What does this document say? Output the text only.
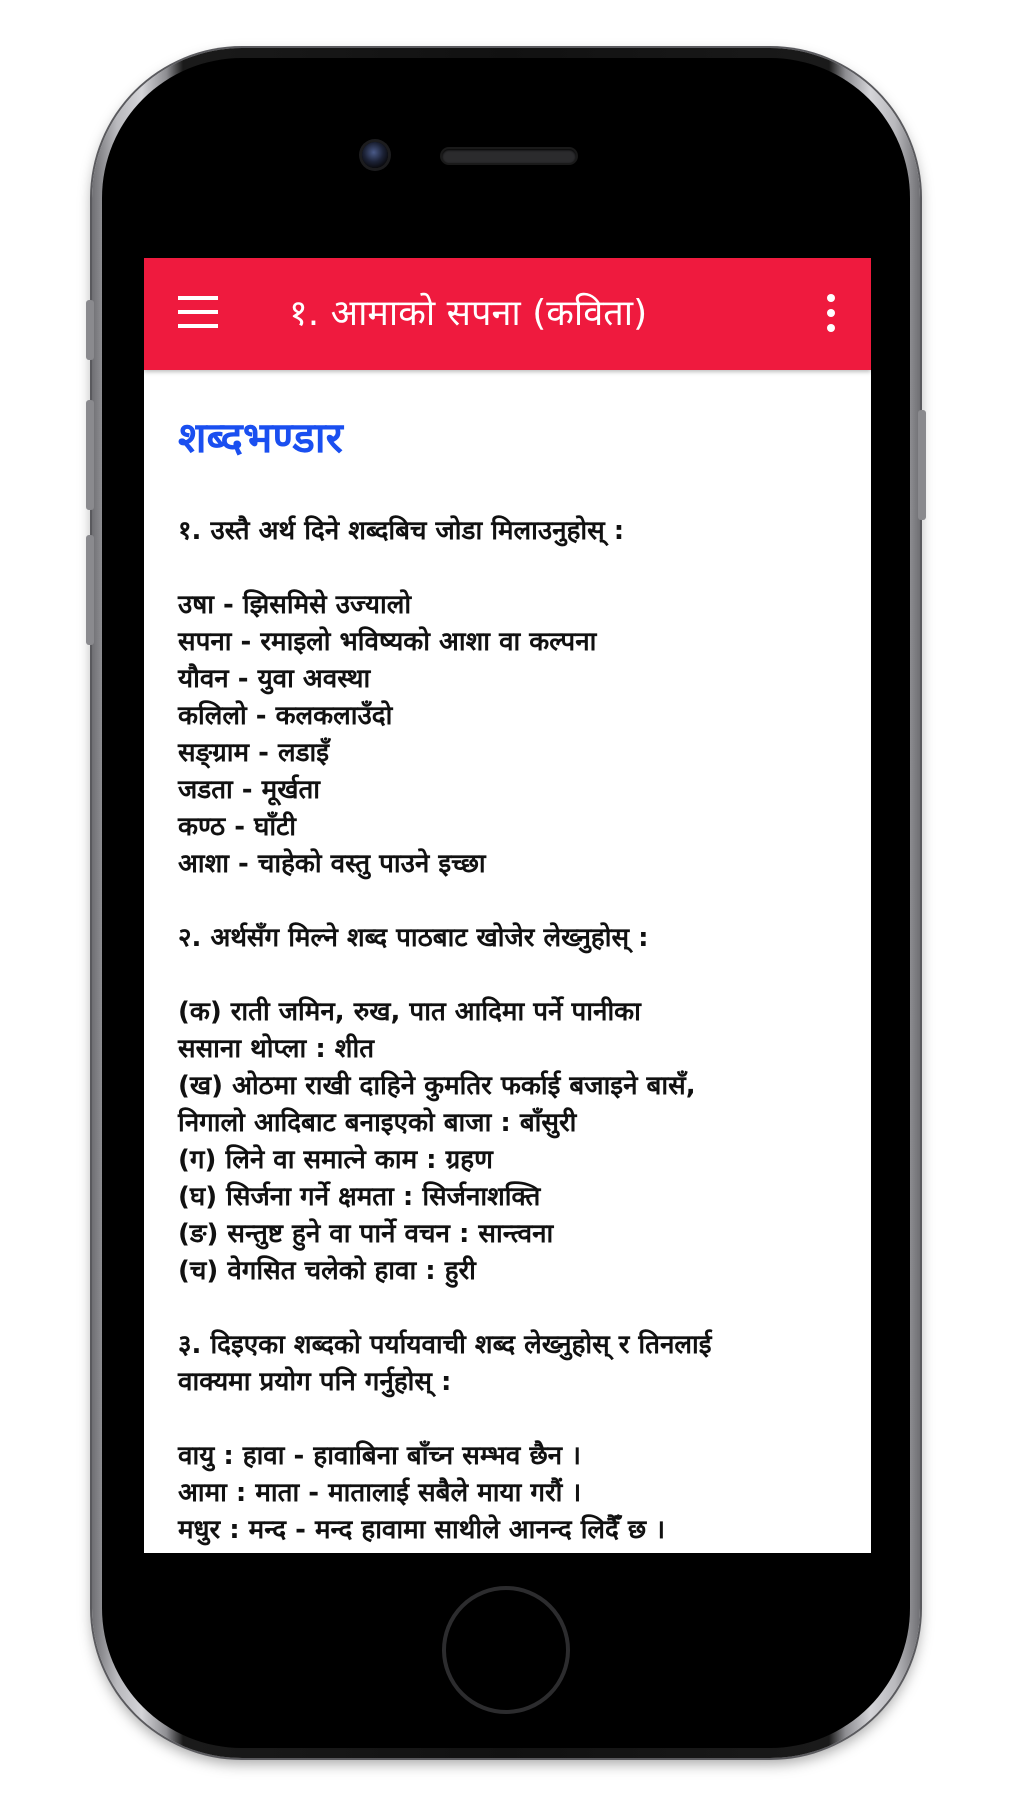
१. आमाको सपना (कविता)
शब्दभण्डार
१. उस्तै अर्थ दिने शब्दबिच जोडा मिलाउनुहोस् :
उषा - झिसमिसे उज्यालो
सपना - रमाइलो भविष्यको आशा वा कल्पना
यौवन - युवा अवस्था
कलिलो - कलकलाउँदो
सङ्ग्राम - लडाइँ
जडता - मूर्खता
कण्ठ - घाँटी
आशा - चाहेको वस्तु पाउने इच्छा
२. अर्थसँग मिल्ने शब्द पाठबाट खोजेर लेख्नुहोस् :
(क) राती जमिन, रुख, पात आदिमा पर्ने पानीका
ससाना थोप्ला : शीत
(ख) ओठमा राखी दाहिने कुमतिर फर्काई बजाइने बासँ,
निगालो आदिबाट बनाइएको बाजा : बाँसुरी
(ग) लिने वा समात्ने काम : ग्रहण
(घ) सिर्जना गर्ने क्षमता : सिर्जनाशक्ति
(ङ) सन्तुष्ट हुने वा पार्ने वचन : सान्त्वना
(च) वेगसित चलेको हावा : हुरी
३. दिइएका शब्दको पर्यायवाची शब्द लेख्नुहोस् र तिनलाई
वाक्यमा प्रयोग पनि गर्नुहोस् :
वायु : हावा - हावाबिना बाँच्न सम्भव छैन ।
आमा : माता - मातालाई सबैले माया गरौं ।
मधुर : मन्द - मन्द हावामा साथीले आनन्द लिदैँ छ ।
